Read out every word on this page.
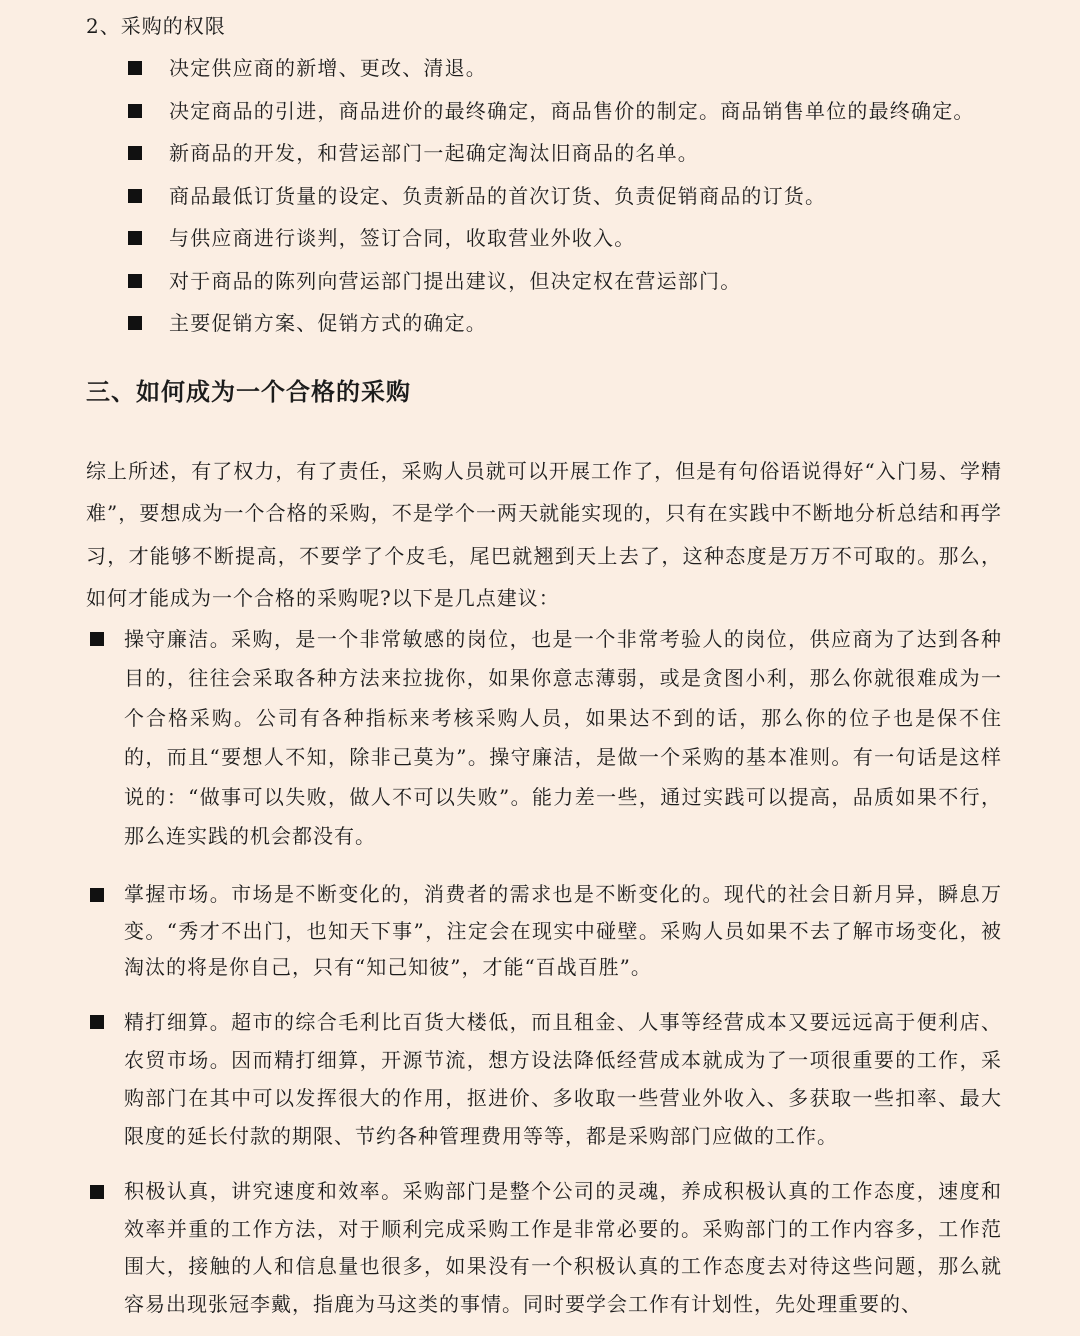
2、采购的权限

决定供应商的新增、更改、清退。
决定商品的引进，商品进价的最终确定，商品售价的制定。商品销售单位的最终确定。
新商品的开发，和营运部门一起确定淘汰旧商品的名单。
商品最低订货量的设定、负责新品的首次订货、负责促销商品的订货。
与供应商进行谈判，签订合同，收取营业外收入。
对于商品的陈列向营运部门提出建议，但决定权在营运部门。
主要促销方案、促销方式的确定。
三、如何成为一个合格的采购

综上所述，有了权力，有了责任，采购人员就可以开展工作了，但是有句俗语说得好“入门易、学精难”，要想成为一个合格的采购，不是学个一两天就能实现的，只有在实践中不断地分析总结和再学习，才能够不断提高，不要学了个皮毛，尾巴就翘到天上去了，这种态度是万万不可取的。那么，如何才能成为一个合格的采购呢?以下是几点建议：

操守廉洁。采购，是一个非常敏感的岗位，也是一个非常考验人的岗位，供应商为了达到各种目的，往往会采取各种方法来拉拢你，如果你意志薄弱，或是贪图小利，那么你就很难成为一个合格采购。公司有各种指标来考核采购人员，如果达不到的话，那么你的位子也是保不住的，而且“要想人不知，除非己莫为”。操守廉洁，是做一个采购的基本准则。有一句话是这样说的：“做事可以失败，做人不可以失败”。能力差一些，通过实践可以提高，品质如果不行，那么连实践的机会都没有。

掌握市场。市场是不断变化的，消费者的需求也是不断变化的。现代的社会日新月异，瞬息万变。“秀才不出门，也知天下事”，注定会在现实中碰壁。采购人员如果不去了解市场变化，被淘汰的将是你自己，只有“知己知彼”，才能“百战百胜”。

精打细算。超市的综合毛利比百货大楼低，而且租金、人事等经营成本又要远远高于便利店、农贸市场。因而精打细算，开源节流，想方设法降低经营成本就成为了一项很重要的工作，采购部门在其中可以发挥很大的作用，抠进价、多收取一些营业外收入、多获取一些扣率、最大限度的延长付款的期限、节约各种管理费用等等，都是采购部门应做的工作。

积极认真，讲究速度和效率。采购部门是整个公司的灵魂，养成积极认真的工作态度，速度和效率并重的工作方法，对于顺利完成采购工作是非常必要的。采购部门的工作内容多，工作范围大，接触的人和信息量也很多，如果没有一个积极认真的工作态度去对待这些问题，那么就容易出现张冠李戴，指鹿为马这类的事情。同时要学会工作有计划性，先处理重要的、
